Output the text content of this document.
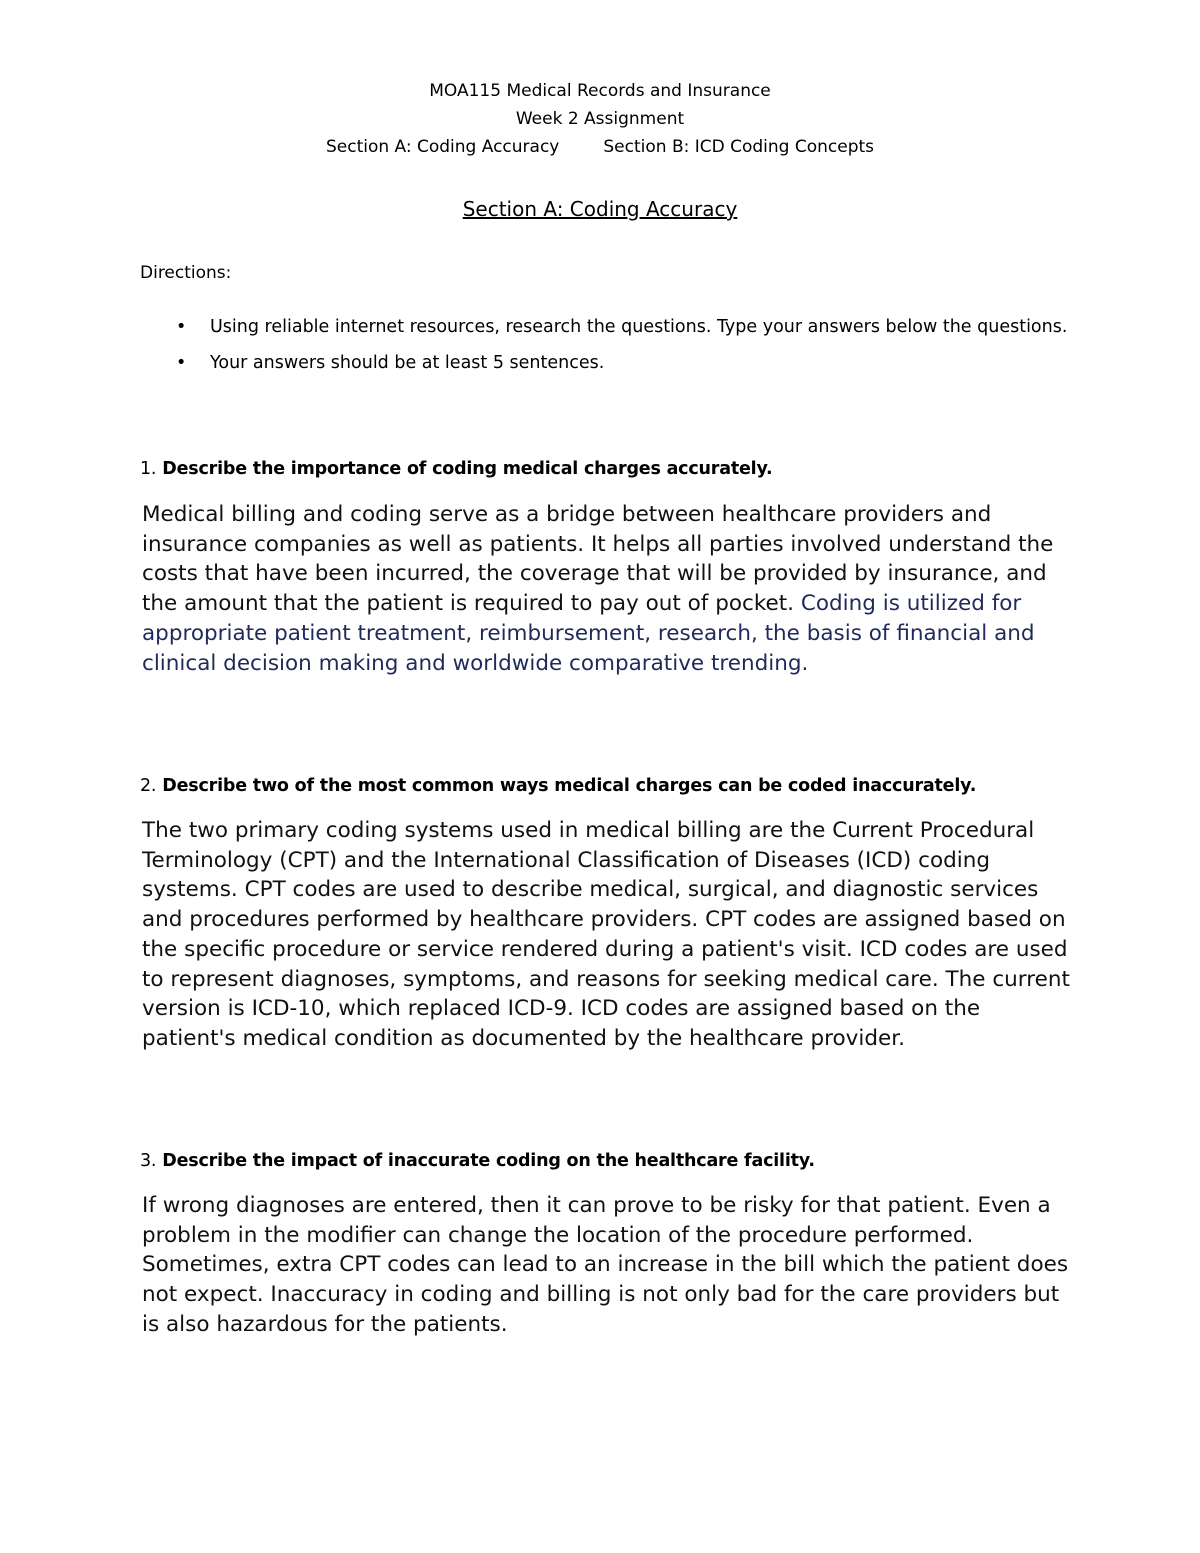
MOA115 Medical Records and Insurance
Week 2 Assignment
Section A: Coding Accuracy	Section B: ICD Coding Concepts
Section A: Coding Accuracy
Directions:
• Using reliable internet resources, research the questions. Type your answers below the questions.
• Your answers should be at least 5 sentences.
1. Describe the importance of coding medical charges accurately.
Medical billing and coding serve as a bridge between healthcare providers and insurance companies as well as patients. It helps all parties involved understand the costs that have been incurred, the coverage that will be provided by insurance, and the amount that the patient is required to pay out of pocket. Coding is utilized for appropriate patient treatment, reimbursement, research, the basis of financial and clinical decision making and worldwide comparative trending.
2. Describe two of the most common ways medical charges can be coded inaccurately.
The two primary coding systems used in medical billing are the Current Procedural Terminology (CPT) and the International Classification of Diseases (ICD) coding systems. CPT codes are used to describe medical, surgical, and diagnostic services and procedures performed by healthcare providers. CPT codes are assigned based on the specific procedure or service rendered during a patient's visit. ICD codes are used to represent diagnoses, symptoms, and reasons for seeking medical care. The current version is ICD-10, which replaced ICD-9. ICD codes are assigned based on the patient's medical condition as documented by the healthcare provider.
3. Describe the impact of inaccurate coding on the healthcare facility.
If wrong diagnoses are entered, then it can prove to be risky for that patient. Even a problem in the modifier can change the location of the procedure performed. Sometimes, extra CPT codes can lead to an increase in the bill which the patient does not expect. Inaccuracy in coding and billing is not only bad for the care providers but is also hazardous for the patients.
